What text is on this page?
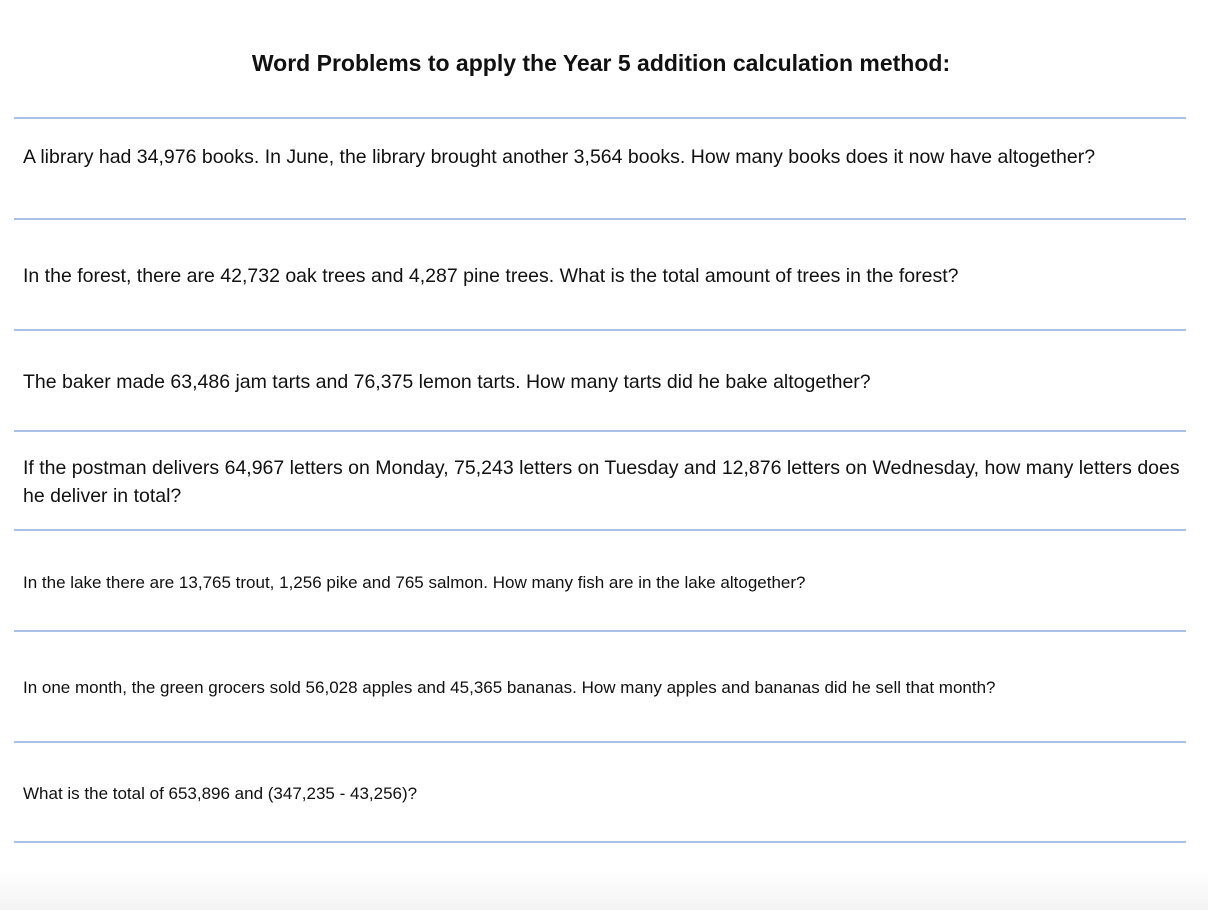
Word Problems to apply the Year 5 addition calculation method:

A library had 34,976 books. In June, the library brought another 3,564 books. How many books does it now have altogether?

In the forest, there are 42,732 oak trees and 4,287 pine trees. What is the total amount of trees in the forest?

The baker made 63,486 jam tarts and 76,375 lemon tarts. How many tarts did he bake altogether?

If the postman delivers 64,967 letters on Monday, 75,243 letters on Tuesday and 12,876 letters on Wednesday, how many letters does he deliver in total?

In the lake there are 13,765 trout, 1,256 pike and 765 salmon. How many fish are in the lake altogether?

In one month, the green grocers sold 56,028 apples and 45,365 bananas. How many apples and bananas did he sell that month?

What is the total of 653,896 and (347,235 - 43,256)?
